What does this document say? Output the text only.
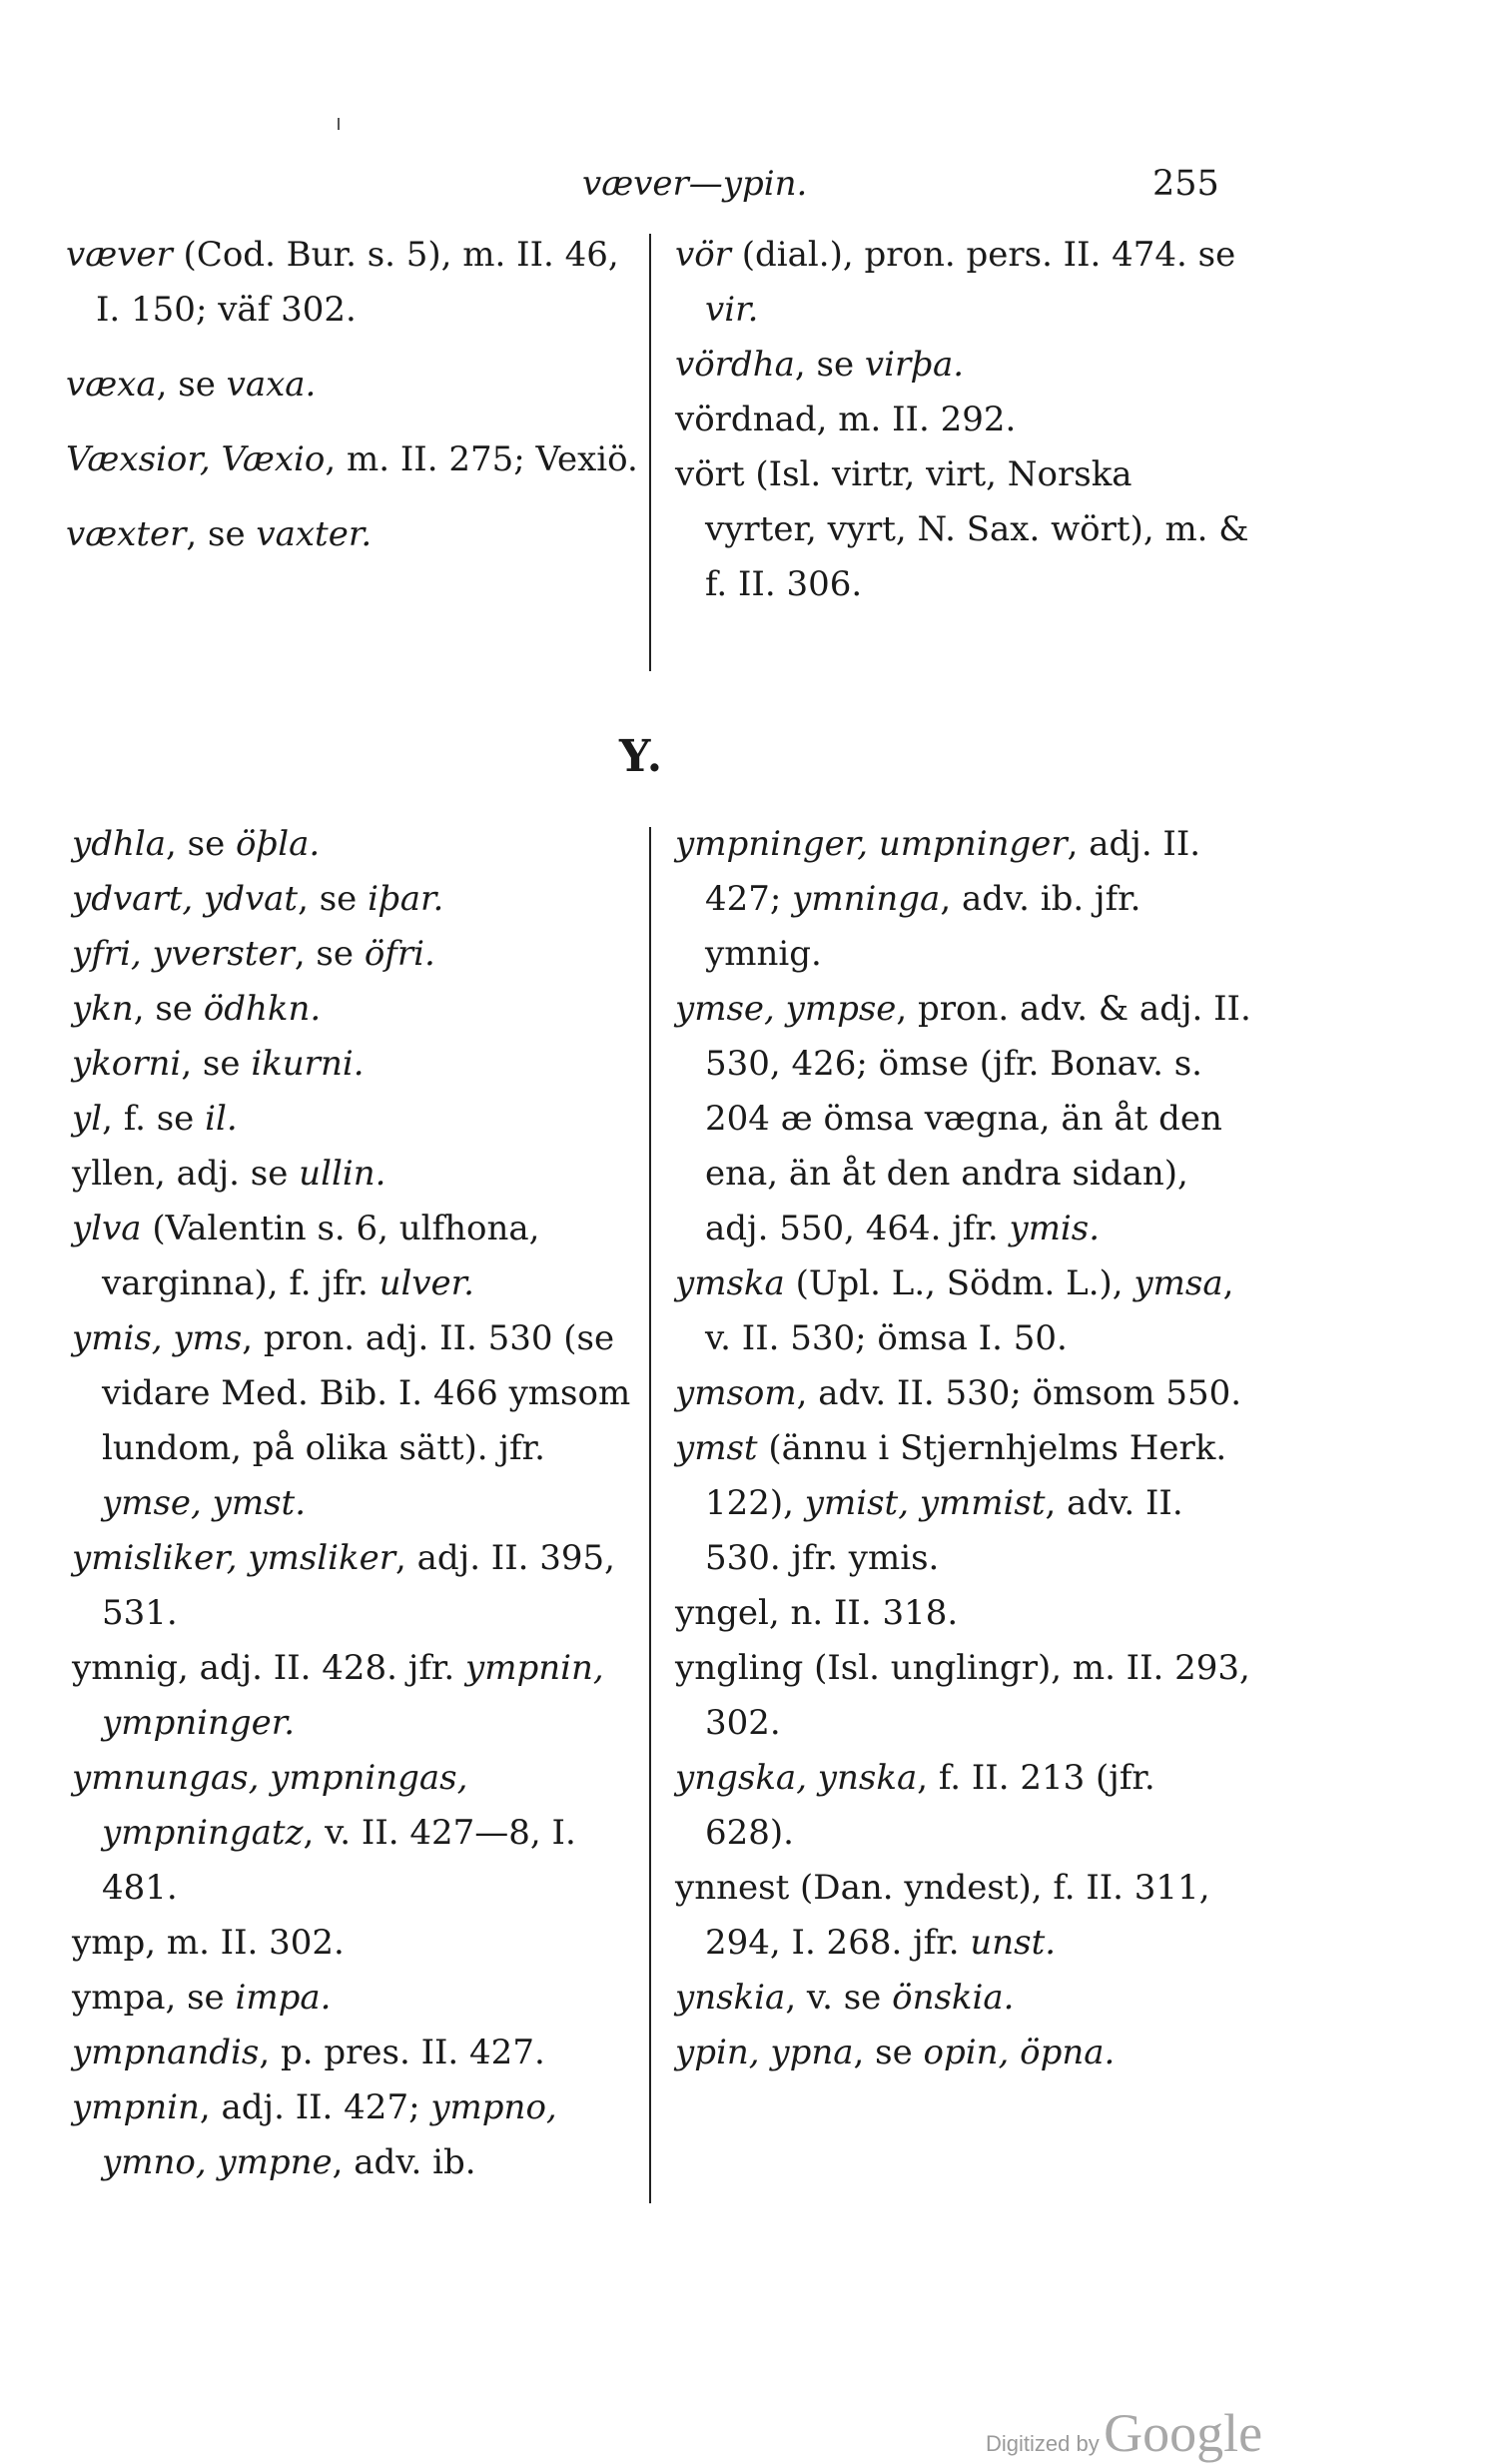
væver—ypin.	255
væver (Cod. Bur. s. 5), m. II. 46, I. 150; väf 302.
væxa, se vaxa.
Væxsior, Væxio, m. II. 275; Vexiö.
væxter, se vaxter.
vör (dial.), pron. pers. II. 474. se vir.
vördha, se virþa.
vördnad, m. II. 292.
vört (Isl. virtr, virt, Norska vyrter, vyrt, N. Sax. wört), m. & f. II. 306.
Y.
ydhla, se öþla.
ydvart, ydvat, se iþar.
yfri, yverster, se öfri.
ykn, se ödhkn.
ykorni, se ikurni.
yl, f. se il.
yllen, adj. se ullin.
ylva (Valentin s. 6, ulfhona, varginna), f. jfr. ulver.
ymis, yms, pron. adj. II. 530 (se vidare Med. Bib. I. 466 ymsom lundom, på olika sätt). jfr. ymse, ymst.
ymisliker, ymsliker, adj. II. 395, 531.
ymnig, adj. II. 428. jfr. ympnin, ympninger.
ymnungas, ympningas, ympningatz, v. II. 427—8, I. 481.
ymp, m. II. 302.
ympa, se impa.
ympnandis, p. pres. II. 427.
ympnin, adj. II. 427; ympno, ymno, ympne, adv. ib.
ympninger, umpninger, adj. II. 427; ymninga, adv. ib. jfr. ymnig.
ymse, ympse, pron. adv. & adj. II. 530, 426; ömse (jfr. Bonav. s. 204 æ ömsa vægna, än åt den ena, än åt den andra sidan), adj. 550, 464. jfr. ymis.
ymska (Upl. L., Södm. L.), ymsa, v. II. 530; ömsa I. 50.
ymsom, adv. II. 530; ömsom 550.
ymst (ännu i Stjernhjelms Herk. 122), ymist, ymmist, adv. II. 530. jfr. ymis.
yngel, n. II. 318.
yngling (Isl. unglingr), m. II. 293, 302.
yngska, ynska, f. II. 213 (jfr. 628).
ynnest (Dan. yndest), f. II. 311, 294, I. 268. jfr. unst.
ynskia, v. se önskia.
ypin, ypna, se opin, öpna.
Digitized by Google
